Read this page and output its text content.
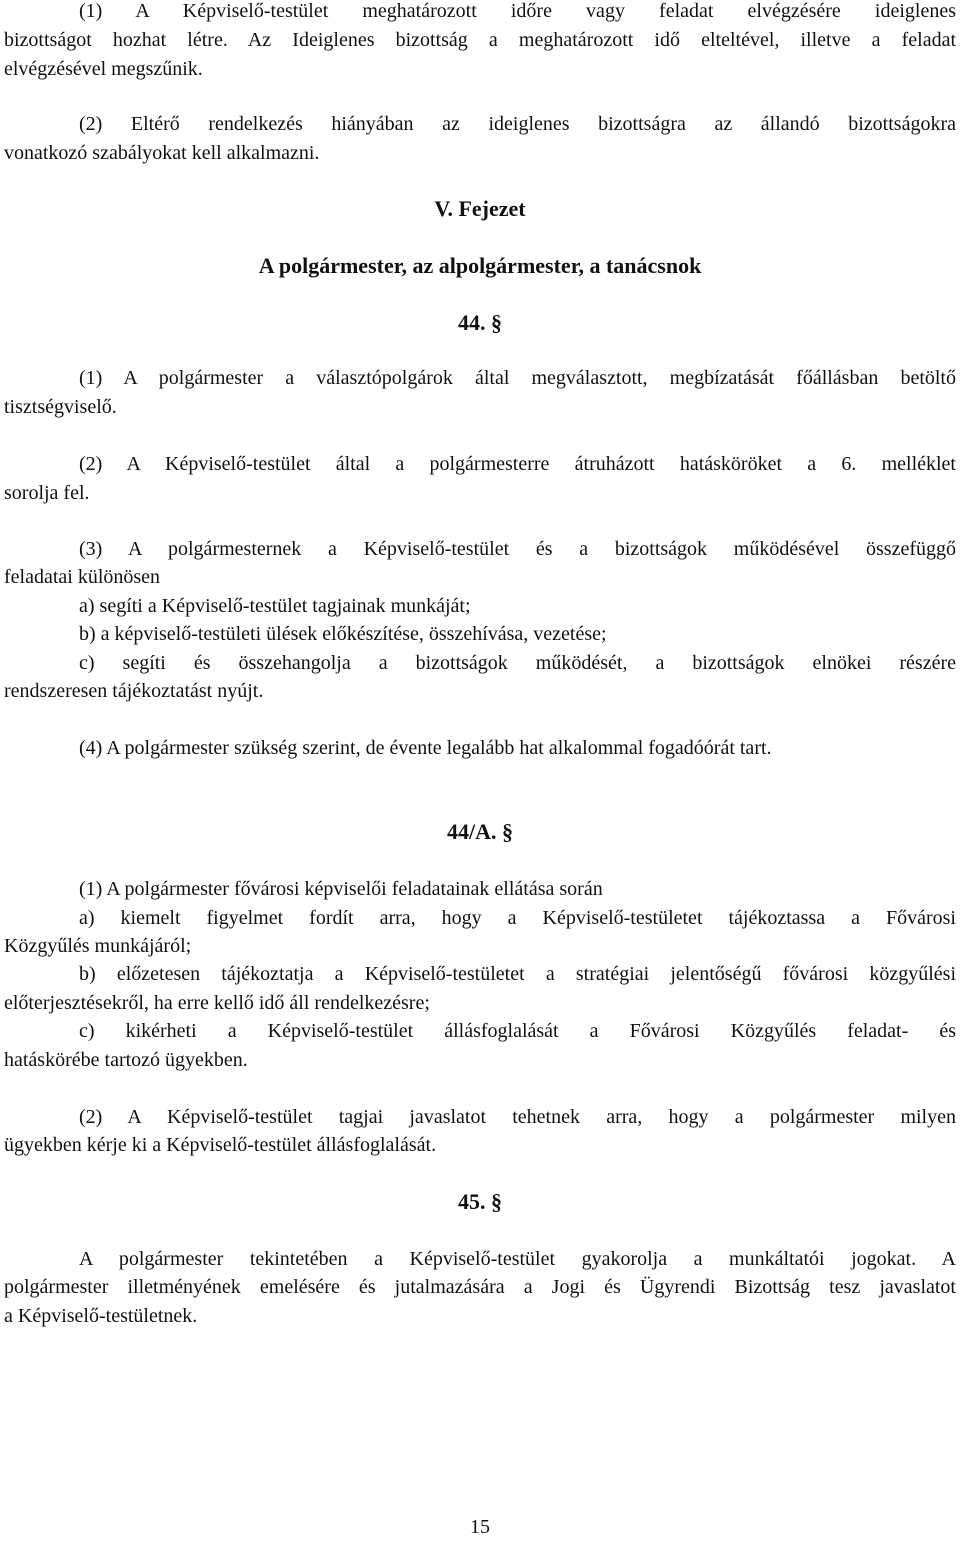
(1) A Képviselő-testület meghatározott időre vagy feladat elvégzésére ideiglenes
bizottságot hozhat létre. Az Ideiglenes bizottság a meghatározott idő elteltével, illetve a feladat
elvégzésével megszűnik.
(2) Eltérő rendelkezés hiányában az ideiglenes bizottságra az állandó bizottságokra
vonatkozó szabályokat kell alkalmazni.
V. Fejezet
A polgármester, az alpolgármester, a tanácsnok
44. §
(1) A polgármester a választópolgárok által megválasztott, megbízatását főállásban betöltő
tisztségviselő.
(2) A Képviselő-testület által a polgármesterre átruházott hatásköröket a 6. melléklet
sorolja fel.
(3) A polgármesternek a Képviselő-testület és a bizottságok működésével összefüggő
feladatai különösen
a) segíti a Képviselő-testület tagjainak munkáját;
b) a képviselő-testületi ülések előkészítése, összehívása, vezetése;
c) segíti és összehangolja a bizottságok működését, a bizottságok elnökei részére
rendszeresen tájékoztatást nyújt.
(4) A polgármester szükség szerint, de évente legalább hat alkalommal fogadóórát tart.
44/A. §
(1) A polgármester fővárosi képviselői feladatainak ellátása során
a) kiemelt figyelmet fordít arra, hogy a Képviselő-testületet tájékoztassa a Fővárosi
Közgyűlés munkájáról;
b) előzetesen tájékoztatja a Képviselő-testületet a stratégiai jelentőségű fővárosi közgyűlési
előterjesztésekről, ha erre kellő idő áll rendelkezésre;
c) kikérheti a Képviselő-testület állásfoglalását a Fővárosi Közgyűlés feladat- és
hatáskörébe tartozó ügyekben.
(2) A Képviselő-testület tagjai javaslatot tehetnek arra, hogy a polgármester milyen
ügyekben kérje ki a Képviselő-testület állásfoglalását.
45. §
A polgármester tekintetében a Képviselő-testület gyakorolja a munkáltatói jogokat. A
polgármester illetményének emelésére és jutalmazására a Jogi és Ügyrendi Bizottság tesz javaslatot
a Képviselő-testületnek.
15
